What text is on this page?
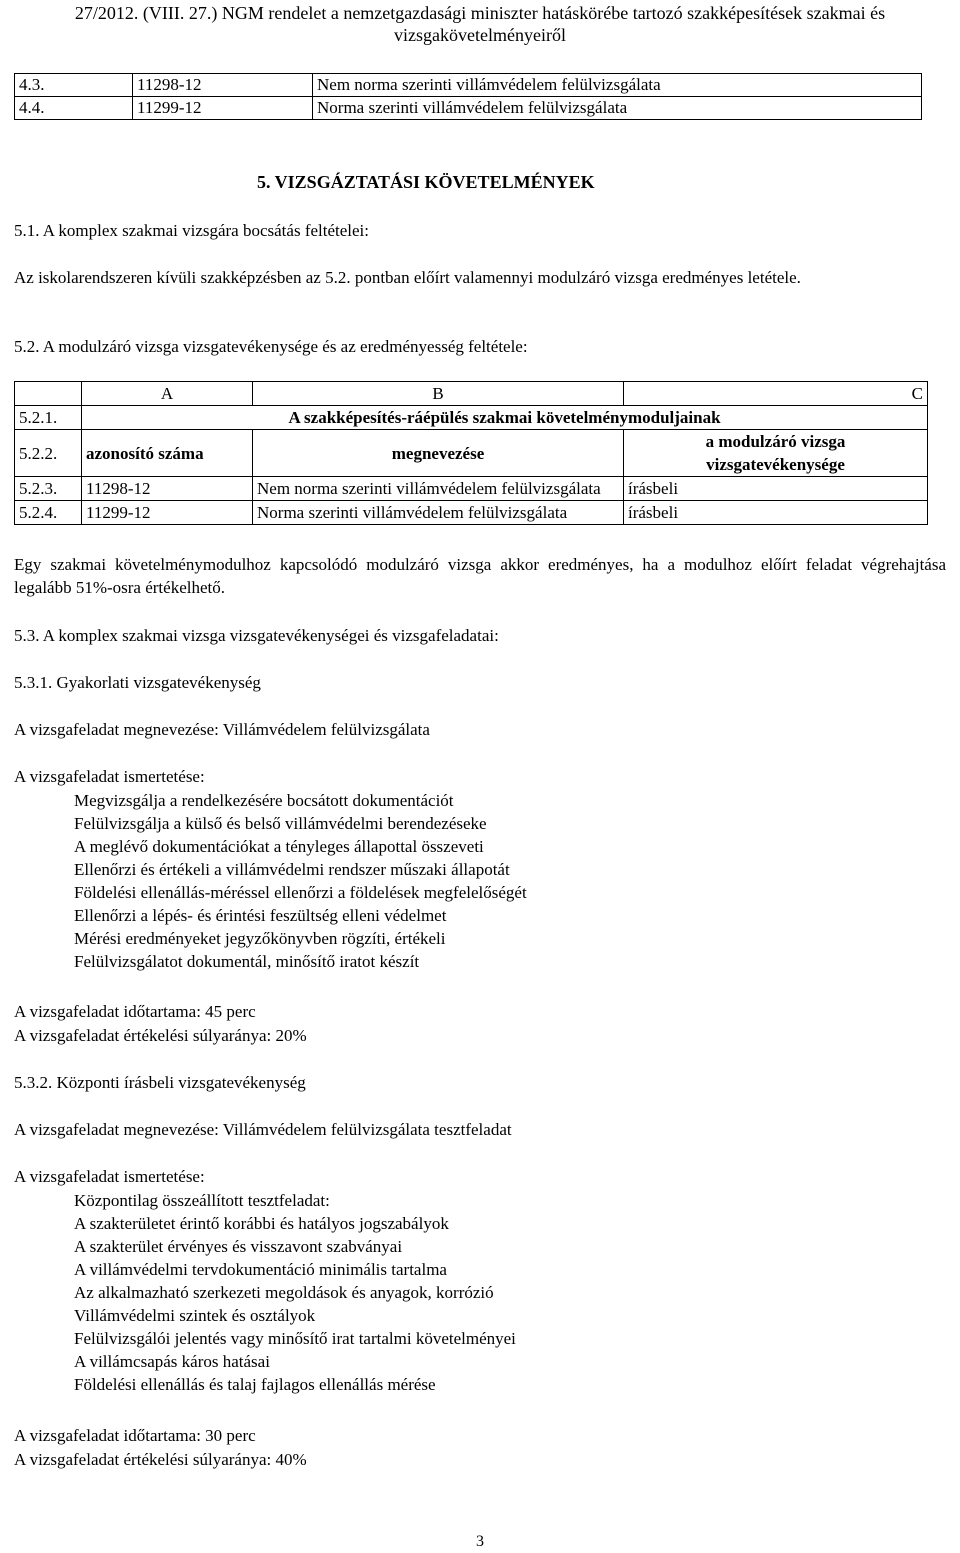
27/2012. (VIII. 27.) NGM rendelet a nemzetgazdasági miniszter hatáskörébe tartozó szakképesítések szakmai és
vizsgakövetelményeiről
4.3.	11298-12	Nem norma szerinti villámvédelem felülvizsgálata
4.4.	11299-12	Norma szerinti villámvédelem felülvizsgálata
5. VIZSGÁZTATÁSI KÖVETELMÉNYEK
5.1. A komplex szakmai vizsgára bocsátás feltételei:
Az iskolarendszeren kívüli szakképzésben az 5.2. pontban előírt valamennyi modulzáró vizsga eredményes letétele.
5.2. A modulzáró vizsga vizsgatevékenysége és az eredményesség feltétele:
	A	B	C
5.2.1.	A szakképesítés-ráépülés szakmai követelménymoduljainak		
5.2.2.	azonosító száma	megnevezése	a modulzáró vizsga
vizsgatevékenysége

5.2.3.	11298-12	Nem norma szerinti villámvédelem felülvizsgálata	írásbeli
5.2.4.	11299-12	Norma szerinti villámvédelem felülvizsgálata	írásbeli
Egy szakmai követelménymodulhoz kapcsolódó modulzáró vizsga akkor eredményes, ha a modulhoz előírt feladat végrehajtása legalább 51%-osra értékelhető.
5.3. A komplex szakmai vizsga vizsgatevékenységei és vizsgafeladatai:
5.3.1. Gyakorlati vizsgatevékenység
A vizsgafeladat megnevezése: Villámvédelem felülvizsgálata
A vizsgafeladat ismertetése:
Megvizsgálja a rendelkezésére bocsátott dokumentációt
Felülvizsgálja a külső és belső villámvédelmi berendezéseke
A meglévő dokumentációkat a tényleges állapottal összeveti
Ellenőrzi és értékeli a villámvédelmi rendszer műszaki állapotát
Földelési ellenállás-méréssel ellenőrzi a földelések megfelelőségét
Ellenőrzi a lépés- és érintési feszültség elleni védelmet
Mérési eredményeket jegyzőkönyvben rögzíti, értékeli
Felülvizsgálatot dokumentál, minősítő iratot készít
A vizsgafeladat időtartama: 45 perc
A vizsgafeladat értékelési súlyaránya: 20%
5.3.2. Központi írásbeli vizsgatevékenység
A vizsgafeladat megnevezése: Villámvédelem felülvizsgálata tesztfeladat
A vizsgafeladat ismertetése:
Központilag összeállított tesztfeladat:
A szakterületet érintő korábbi és hatályos jogszabályok
A szakterület érvényes és visszavont szabványai
A villámvédelmi tervdokumentáció minimális tartalma
Az alkalmazható szerkezeti megoldások és anyagok, korrózió
Villámvédelmi szintek és osztályok
Felülvizsgálói jelentés vagy minősítő irat tartalmi követelményei
A villámcsapás káros hatásai
Földelési ellenállás és talaj fajlagos ellenállás mérése
A vizsgafeladat időtartama: 30 perc
A vizsgafeladat értékelési súlyaránya: 40%
3
